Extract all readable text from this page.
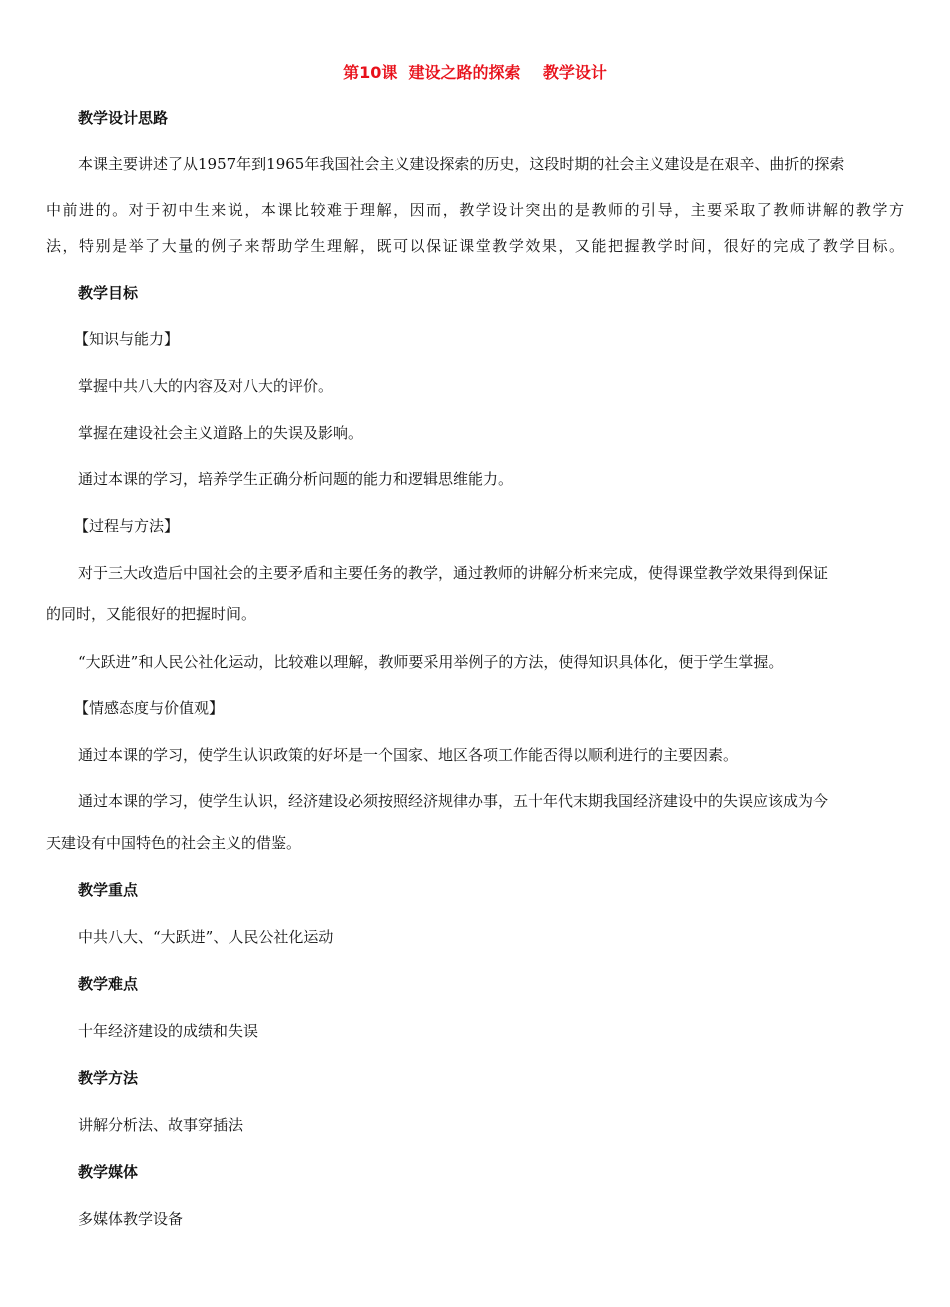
第10课  建设之路的探索    教学设计
教学设计思路
本课主要讲述了从1957年到1965年我国社会主义建设探索的历史，这段时期的社会主义建设是在艰辛、曲折的探索
中前进的。对于初中生来说，本课比较难于理解，因而，教学设计突出的是教师的引导，主要采取了教师讲解的教学方
法，特别是举了大量的例子来帮助学生理解，既可以保证课堂教学效果，又能把握教学时间，很好的完成了教学目标。
教学目标
【知识与能力】
掌握中共八大的内容及对八大的评价。
掌握在建设社会主义道路上的失误及影响。
通过本课的学习，培养学生正确分析问题的能力和逻辑思维能力。
【过程与方法】
对于三大改造后中国社会的主要矛盾和主要任务的教学，通过教师的讲解分析来完成，使得课堂教学效果得到保证
的同时，又能很好的把握时间。
“大跃进”和人民公社化运动，比较难以理解，教师要采用举例子的方法，使得知识具体化，便于学生掌握。
【情感态度与价值观】
通过本课的学习，使学生认识政策的好坏是一个国家、地区各项工作能否得以顺利进行的主要因素。
通过本课的学习，使学生认识，经济建设必须按照经济规律办事，五十年代末期我国经济建设中的失误应该成为今
天建设有中国特色的社会主义的借鉴。
教学重点
中共八大、“大跃进”、人民公社化运动
教学难点
十年经济建设的成绩和失误
教学方法
讲解分析法、故事穿插法
教学媒体
多媒体教学设备
